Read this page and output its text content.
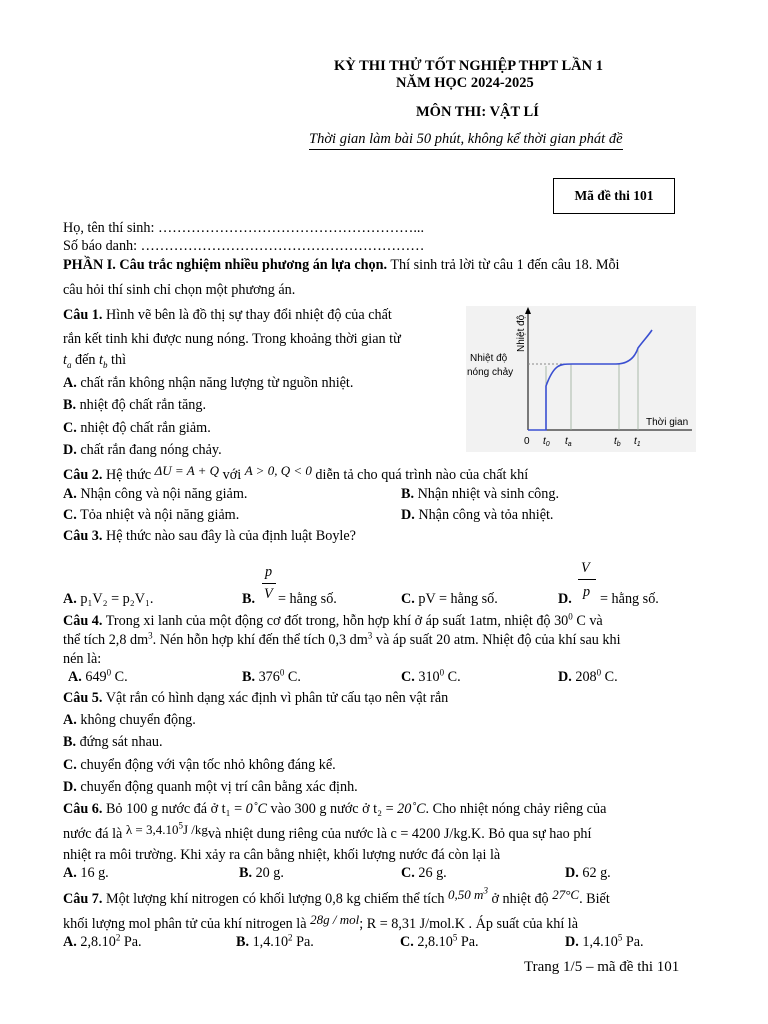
KỲ THI THỬ TỐT NGHIỆP THPT LẦN 1
NĂM HỌC 2024-2025
MÔN THI: VẬT LÍ
Thời gian làm bài 50 phút, không kể thời gian phát đề
Mã đề thi 101
Họ, tên thí sinh: ………………………………………………...
Số báo danh: ……………………………………………………
PHẦN I. Câu trắc nghiệm nhiều phương án lựa chọn. Thí sinh trả lời từ câu 1 đến câu 18. Mỗi
câu hỏi thí sinh chỉ chọn một phương án.
Câu 1. Hình vẽ bên là đồ thị sự thay đổi nhiệt độ của chất
rắn kết tinh khi được nung nóng. Trong khoảng thời gian từ
$t_a$ đến $t_b$ thì
A. chất rắn không nhận năng lượng từ nguồn nhiệt.
B. nhiệt độ chất rắn tăng.
C. nhiệt độ chất rắn giảm.
D. chất rắn đang nóng chảy.
Nhiệt độ
Nhiệt độ
nóng chảy
Thời gian
0 $t_0$ $t_a$	$t_b$ $t_1$
Câu 2. Hệ thức ΔU = A + Q với A > 0, Q < 0 diễn tả cho quá trình nào của chất khí
A. Nhận công và nội năng giảm.	B. Nhận nhiệt và sinh công.
C. Tỏa nhiệt và nội năng giảm.	D. Nhận công và tỏa nhiệt.
Câu 3. Hệ thức nào sau đây là của định luật Boyle?
A. p₁V₂ = p₂V₁.	B.
p
V = hằng số.	C. pV = hằng số.	D.
V
p = hằng số.
Câu 4. Trong xi lanh của một động cơ đốt trong, hỗn hợp khí ở áp suất 1atm, nhiệt độ $30^0$ C và
thể tích 2,8 $dm^3$. Nén hỗn hợp khí đến thể tích 0,3 $dm^3$ và áp suất 20 atm. Nhiệt độ của khí sau khi
nén là:
A. $649^0$ C.	B. $376^0$ C.	C. $310^0$ C.	D. $208^0$ C.
Câu 5. Vật rắn có hình dạng xác định vì phân tử cấu tạo nên vật rắn
A. không chuyển động.
B. đứng sát nhau.
C. chuyển động với vận tốc nhỏ không đáng kể.
D. chuyển động quanh một vị trí cân bằng xác định.
Câu 6. Bỏ 100 g nước đá ở t₁ = 0˚C vào 300 g nước ở t₂ = 20˚C. Cho nhiệt nóng chảy riêng của
nước đá là $\lambda = 3,4.10^5J$ /kgvà nhiệt dung riêng của nước là c = 4200 J/kg.K. Bỏ qua sự hao phí
nhiệt ra môi trường. Khi xảy ra cân bằng nhiệt, khối lượng nước đá còn lại là
A. 16 g.	B. 20 g.	C. 26 g.	D. 62 g.
Câu 7. Một lượng khí nitrogen có khối lượng 0,8 kg chiếm thể tích 0,50 $m^3$ ở nhiệt độ 27°C. Biết
khối lượng mol phân tử của khí nitrogen là 28g / mol; R = 8,31 J/mol.K . Áp suất của khí là
A. 2,8.10$^2$ Pa.	B. 1,4.10$^2$ Pa.	C. 2,8.10$^5$ Pa.	D. 1,4.10$^5$ Pa.
Trang 1/5 – mã đề thi 101
